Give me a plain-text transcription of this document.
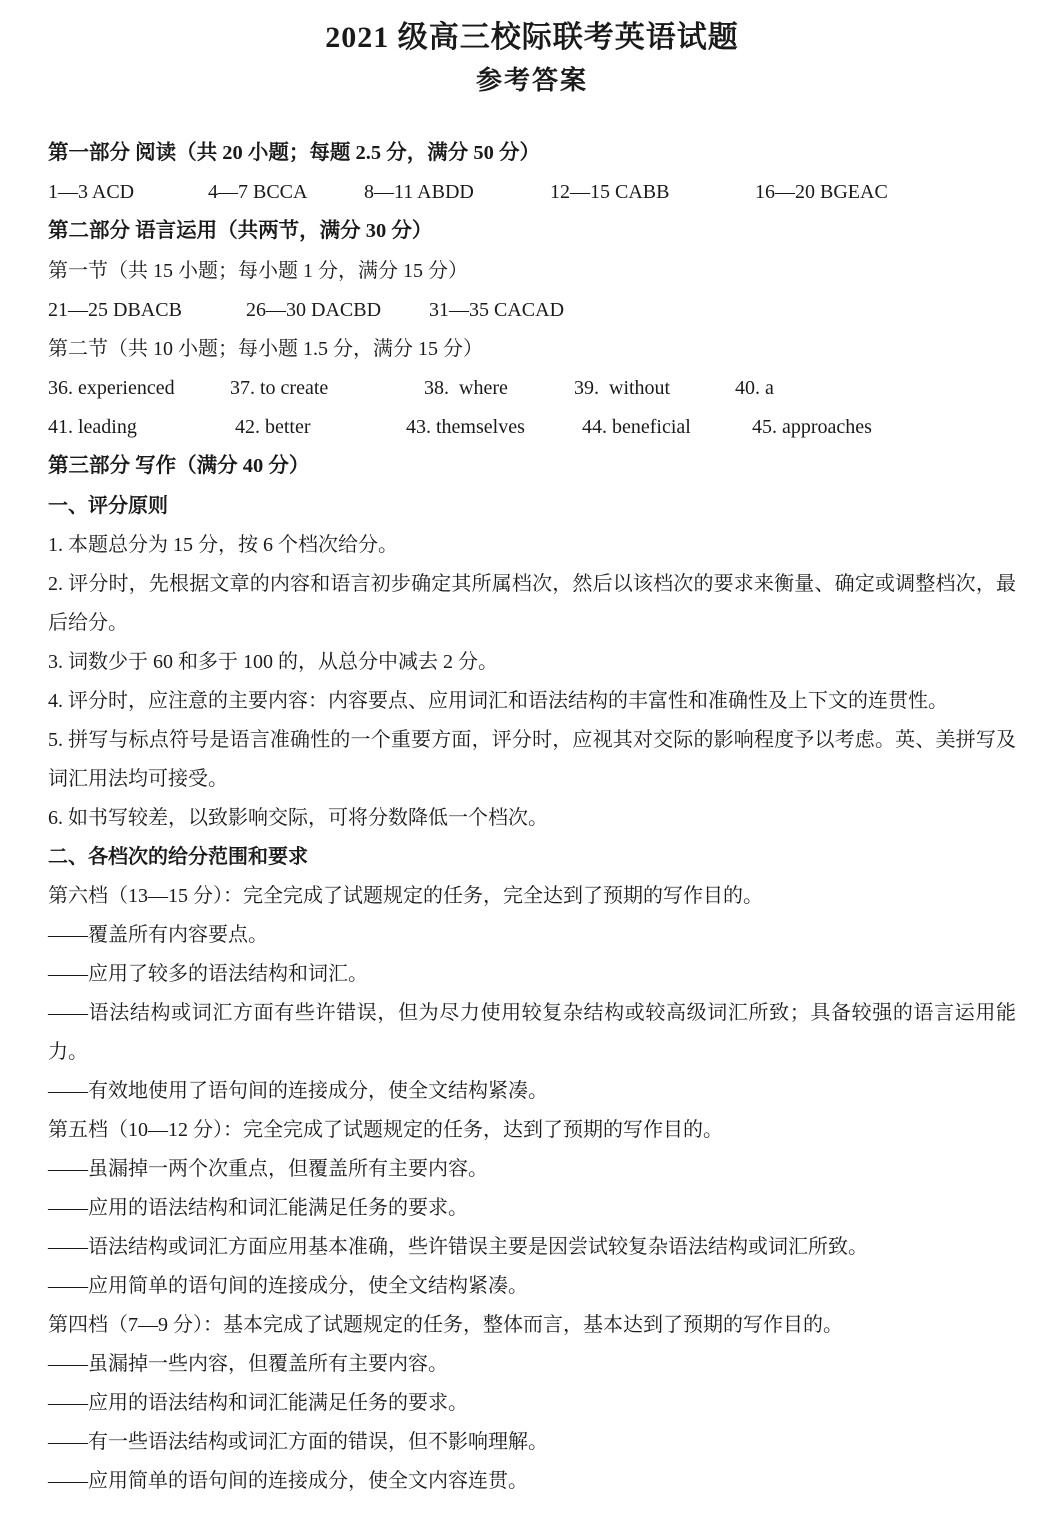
2021 级高三校际联考英语试题
参考答案

第一部分 阅读（共 20 小题；每题 2.5 分，满分 50 分）

1—3 ACD	4—7 BCCA	8—11 ABDD	12—15 CABB	16—20 BGEAC

第二部分 语言运用（共两节，满分 30 分）

第一节（共 15 小题；每小题 1 分，满分 15 分）

21—25 DBACB	26—30 DACBD	31—35 CACAD

第二节（共 10 小题；每小题 1.5 分，满分 15 分）

36. experienced	37. to create	38.  where	39.  without	40. a
41. leading	42. better	43. themselves	44. beneficial	45. approaches

第三部分 写作（满分 40 分）

一、评分原则

1. 本题总分为 15 分，按 6 个档次给分。

2. 评分时，先根据文章的内容和语言初步确定其所属档次，然后以该档次的要求来衡量、确定或调整档次，最后给分。

3. 词数少于 60 和多于 100 的，从总分中减去 2 分。

4. 评分时，应注意的主要内容：内容要点、应用词汇和语法结构的丰富性和准确性及上下文的连贯性。

5. 拼写与标点符号是语言准确性的一个重要方面，评分时，应视其对交际的影响程度予以考虑。英、美拼写及词汇用法均可接受。

6. 如书写较差，以致影响交际，可将分数降低一个档次。

二、各档次的给分范围和要求

第六档（13—15 分）：完全完成了试题规定的任务，完全达到了预期的写作目的。

——覆盖所有内容要点。

——应用了较多的语法结构和词汇。

——语法结构或词汇方面有些许错误，但为尽力使用较复杂结构或较高级词汇所致；具备较强的语言运用能力。

——有效地使用了语句间的连接成分，使全文结构紧凑。

第五档（10—12 分）：完全完成了试题规定的任务，达到了预期的写作目的。

——虽漏掉一两个次重点，但覆盖所有主要内容。

——应用的语法结构和词汇能满足任务的要求。

——语法结构或词汇方面应用基本准确，些许错误主要是因尝试较复杂语法结构或词汇所致。

——应用简单的语句间的连接成分，使全文结构紧凑。

第四档（7—9 分）：基本完成了试题规定的任务，整体而言，基本达到了预期的写作目的。

——虽漏掉一些内容，但覆盖所有主要内容。

——应用的语法结构和词汇能满足任务的要求。

——有一些语法结构或词汇方面的错误，但不影响理解。

——应用简单的语句间的连接成分，使全文内容连贯。
